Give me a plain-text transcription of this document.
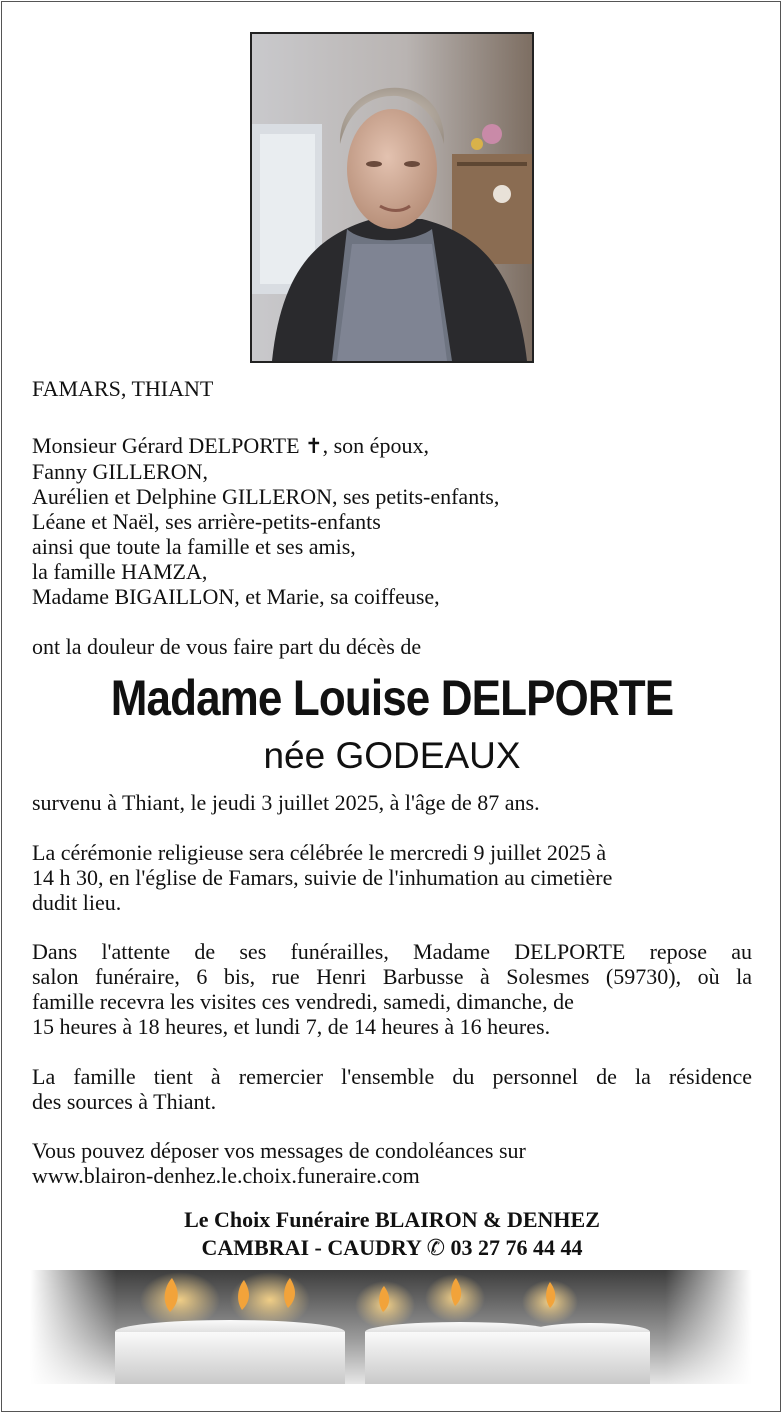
FAMARS, THIANT
Monsieur Gérard DELPORTE ✝, son époux,
Fanny GILLERON,
Aurélien et Delphine GILLERON, ses petits-enfants,
Léane et Naël, ses arrière-petits-enfants
ainsi que toute la famille et ses amis,
la famille HAMZA,
Madame BIGAILLON, et Marie, sa coiffeuse,
ont la douleur de vous faire part du décès de
Madame Louise DELPORTE
née GODEAUX
survenu à Thiant, le jeudi 3 juillet 2025, à l'âge de 87 ans.
La cérémonie religieuse sera célébrée le mercredi 9 juillet 2025 à
14 h 30, en l'église de Famars, suivie de l'inhumation au cimetière
dudit lieu.
Dans l'attente de ses funérailles, Madame DELPORTE repose au
salon funéraire, 6 bis, rue Henri Barbusse à Solesmes (59730), où la
famille recevra les visites ces vendredi, samedi, dimanche, de
15 heures à 18 heures, et lundi 7, de 14 heures à 16 heures.
La famille tient à remercier l'ensemble du personnel de la résidence
des sources à Thiant.
Vous pouvez déposer vos messages de condoléances sur
www.blairon-denhez.le.choix.funeraire.com
Le Choix Funéraire BLAIRON & DENHEZ
CAMBRAI - CAUDRY ✆ 03 27 76 44 44
